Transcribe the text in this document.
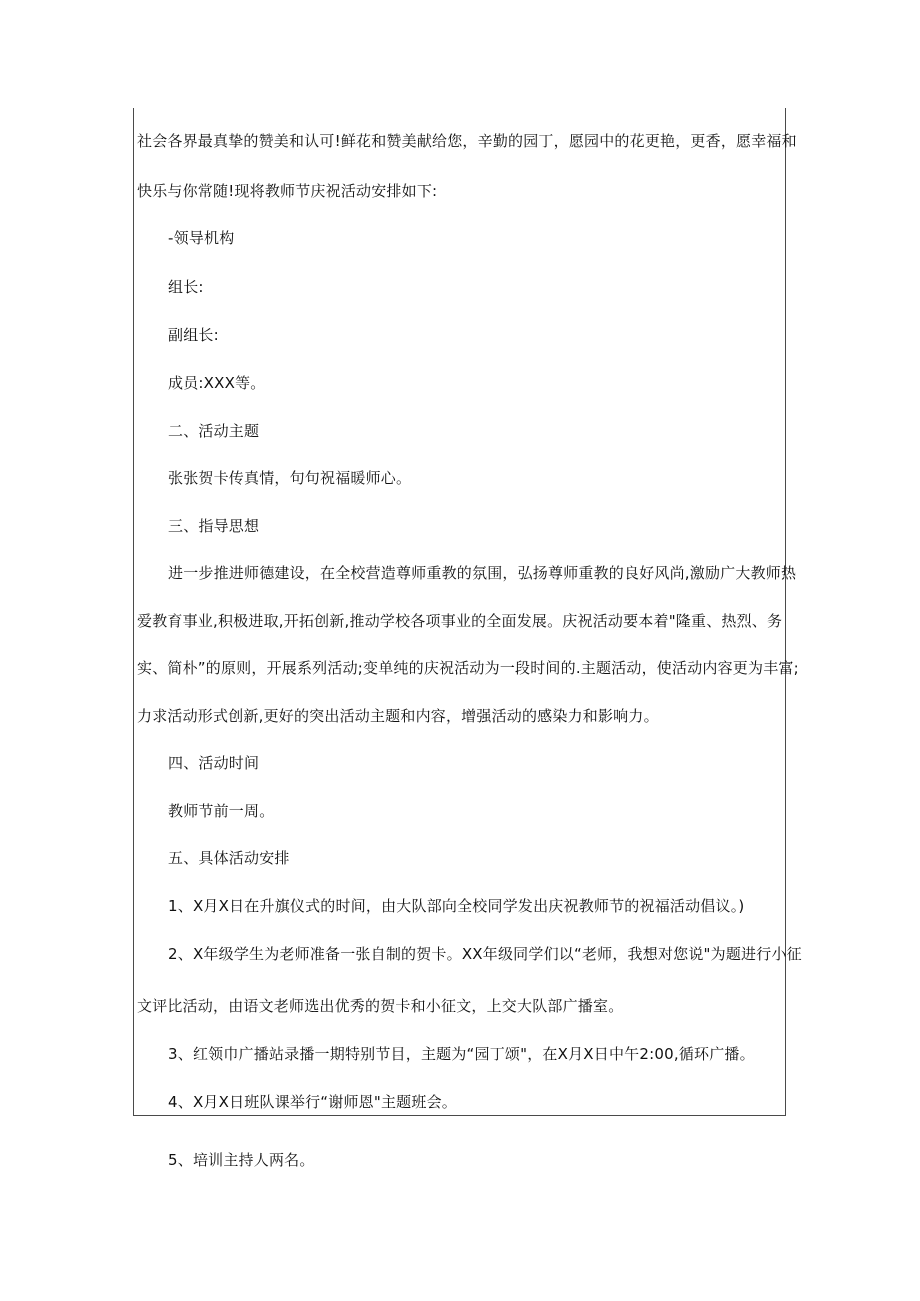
社会各界最真挚的赞美和认可!鲜花和赞美献给您，辛勤的园丁，愿园中的花更艳，更香，愿幸福和
快乐与你常随!现将教师节庆祝活动安排如下:
-领导机构
组长:
副组长:
成员:XXX等。
二、活动主题
张张贺卡传真情，句句祝福暖师心。
三、指导思想
进一步推进师德建设，在全校营造尊师重教的氛围，弘扬尊师重教的良好风尚,激励广大教师热
爱教育事业,积极进取,开拓创新,推动学校各项事业的全面发展。庆祝活动要本着"隆重、热烈、务
实、简朴”的原则，开展系列活动;变单纯的庆祝活动为一段时间的.主题活动，使活动内容更为丰富;
力求活动形式创新,更好的突出活动主题和内容，增强活动的感染力和影响力。
四、活动时间
教师节前一周。
五、具体活动安排
1、X月X日在升旗仪式的时间，由大队部向全校同学发出庆祝教师节的祝福活动倡议。)
2、X年级学生为老师准备一张自制的贺卡。XX年级同学们以“老师，我想对您说"为题进行小征
文评比活动，由语文老师选出优秀的贺卡和小征文，上交大队部广播室。
3、红领巾广播站录播一期特别节目，主题为“园丁颂"，在X月X日中午2:00,循环广播。
4、X月X日班队课举行“谢师恩"主题班会。
5、培训主持人两名。
